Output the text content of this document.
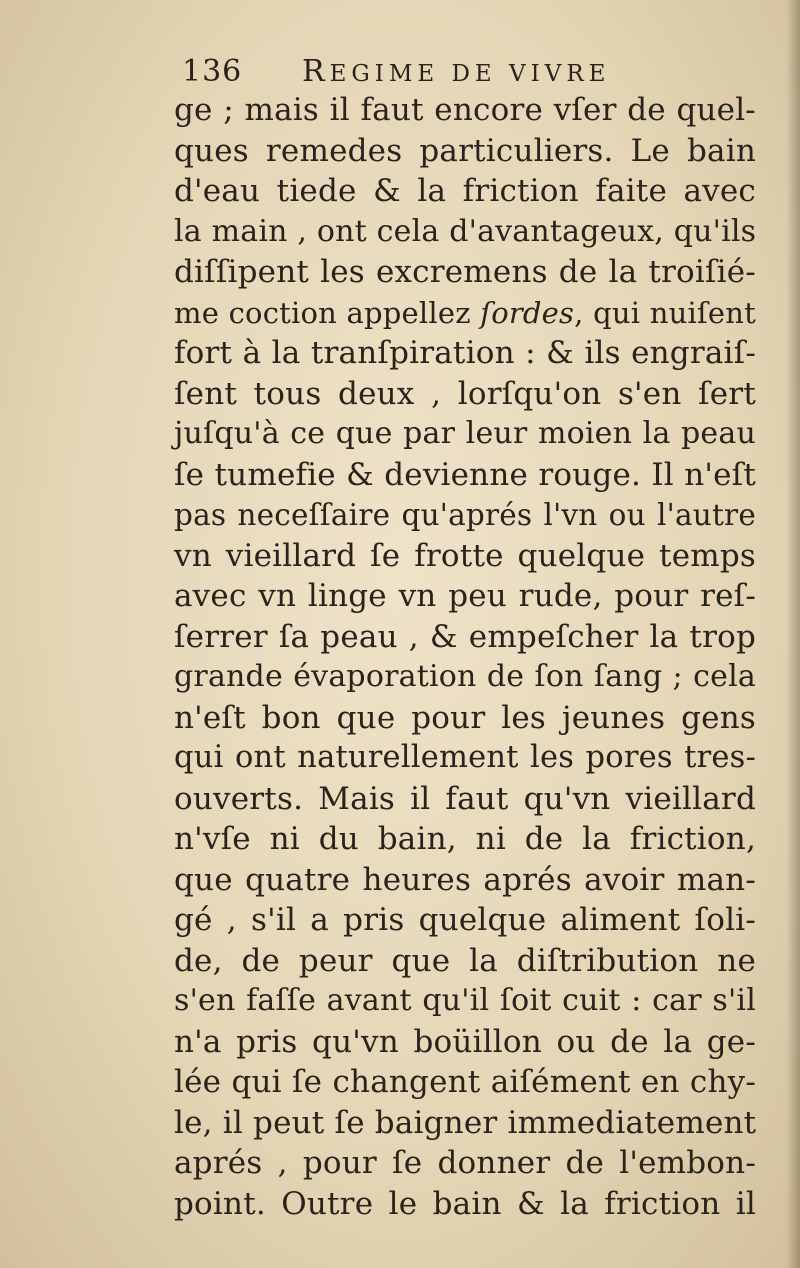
136 REGIME DE VIVRE
ge ; mais il faut encore vſer de quel-
ques remedes particuliers. Le bain
d'eau tiede & la friction faite avec
la main , ont cela d'avantageux, qu'ils
diſſipent les excremens de la troiſié-
me coction appellez ſordes, qui nuiſent
fort à la tranſpiration : & ils engraiſ-
ſent tous deux , lorſqu'on s'en ſert
juſqu'à ce que par leur moien la peau
ſe tumefie & devienne rouge. Il n'eſt
pas neceſſaire qu'aprés l'vn ou l'autre
vn vieillard ſe frotte quelque temps
avec vn linge vn peu rude, pour reſ-
ſerrer ſa peau , & empeſcher la trop
grande évaporation de ſon ſang ; cela
n'eſt bon que pour les jeunes gens
qui ont naturellement les pores tres-
ouverts. Mais il faut qu'vn vieillard
n'vſe ni du bain, ni de la friction,
que quatre heures aprés avoir man-
gé , s'il a pris quelque aliment ſoli-
de, de peur que la diſtribution ne
s'en faſſe avant qu'il ſoit cuit : car s'il
n'a pris qu'vn boüillon ou de la ge-
lée qui ſe changent aiſément en chy-
le, il peut ſe baigner immediatement
aprés , pour ſe donner de l'embon-
point. Outre le bain & la friction il
